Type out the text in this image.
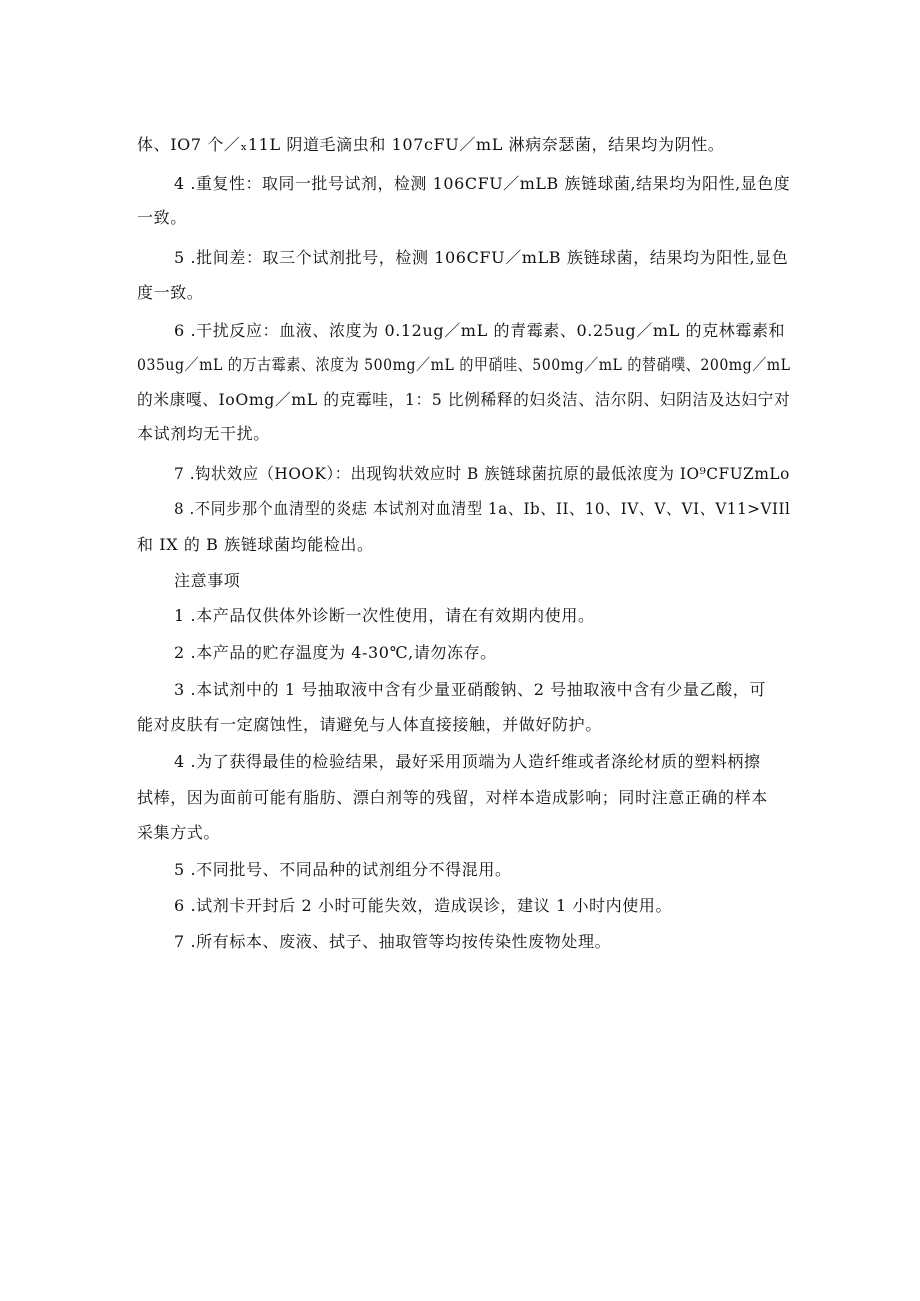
体、IO7 个／ₓ11L 阴道毛滴虫和 107cFU／mL 淋病奈瑟菌，结果均为阴性。

4 .重复性：取同一批号试剂，检测 106CFU／mLB 族链球菌,结果均为阳性,显色度

一致。

5 .批间差：取三个试剂批号，检测 106CFU／mLB 族链球菌，结果均为阳性,显色

度一致。

6 .干扰反应：血液、浓度为 0.12ug／mL 的青霉素、0.25ug／mL 的克林霉素和

035ug／mL 的万古霉素、浓度为 500mg／mL 的甲硝哇、500mg／mL 的替硝噗、200mg／mL

的米康嘎、IoOmg／mL 的克霉哇，1：5 比例稀释的妇炎洁、洁尔阴、妇阴洁及达妇宁对

本试剂均无干扰。

7 .钩状效应（HOOK）：出现钩状效应时 B 族链球菌抗原的最低浓度为 IO⁹CFUZmLo

8 .不同步那个血清型的炎痣 本试剂对血清型 1a、Ib、II、10、IV、V、VI、V11>VIIl

和 IX 的 B 族链球菌均能检出。

注意事项

1 .本产品仅供体外诊断一次性使用，请在有效期内使用。

2 .本产品的贮存温度为 4-30℃,请勿冻存。

3 .本试剂中的 1 号抽取液中含有少量亚硝酸钠、2 号抽取液中含有少量乙酸，可

能对皮肤有一定腐蚀性，请避免与人体直接接触，并做好防护。

4 .为了获得最佳的检验结果，最好采用顶端为人造纤维或者涤纶材质的塑料柄擦

拭棒，因为面前可能有脂肪、漂白剂等的残留，对样本造成影响；同时注意正确的样本

采集方式。

5 .不同批号、不同品种的试剂组分不得混用。

6 .试剂卡开封后 2 小时可能失效，造成误诊，建议 1 小时内使用。

7 .所有标本、废液、拭子、抽取管等均按传染性废物处理。
